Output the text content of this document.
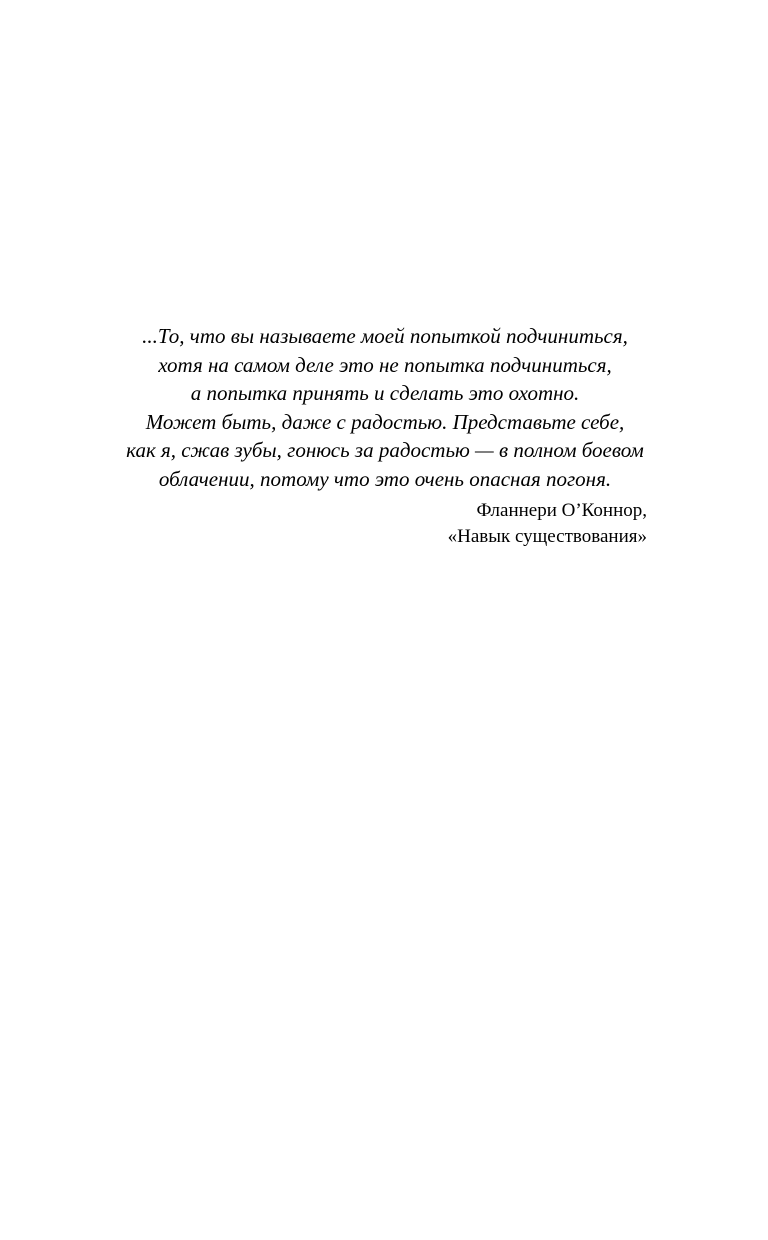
...То, что вы называете моей попыткой подчиниться,
хотя на самом деле это не попытка подчиниться,
а попытка принять и сделать это охотно.
Может быть, даже с радостью. Представьте себе,
как я, сжав зубы, гонюсь за радостью — в полном боевом
облачении, потому что это очень опасная погоня.
Фланнери О’Коннор,
«Навык существования»
